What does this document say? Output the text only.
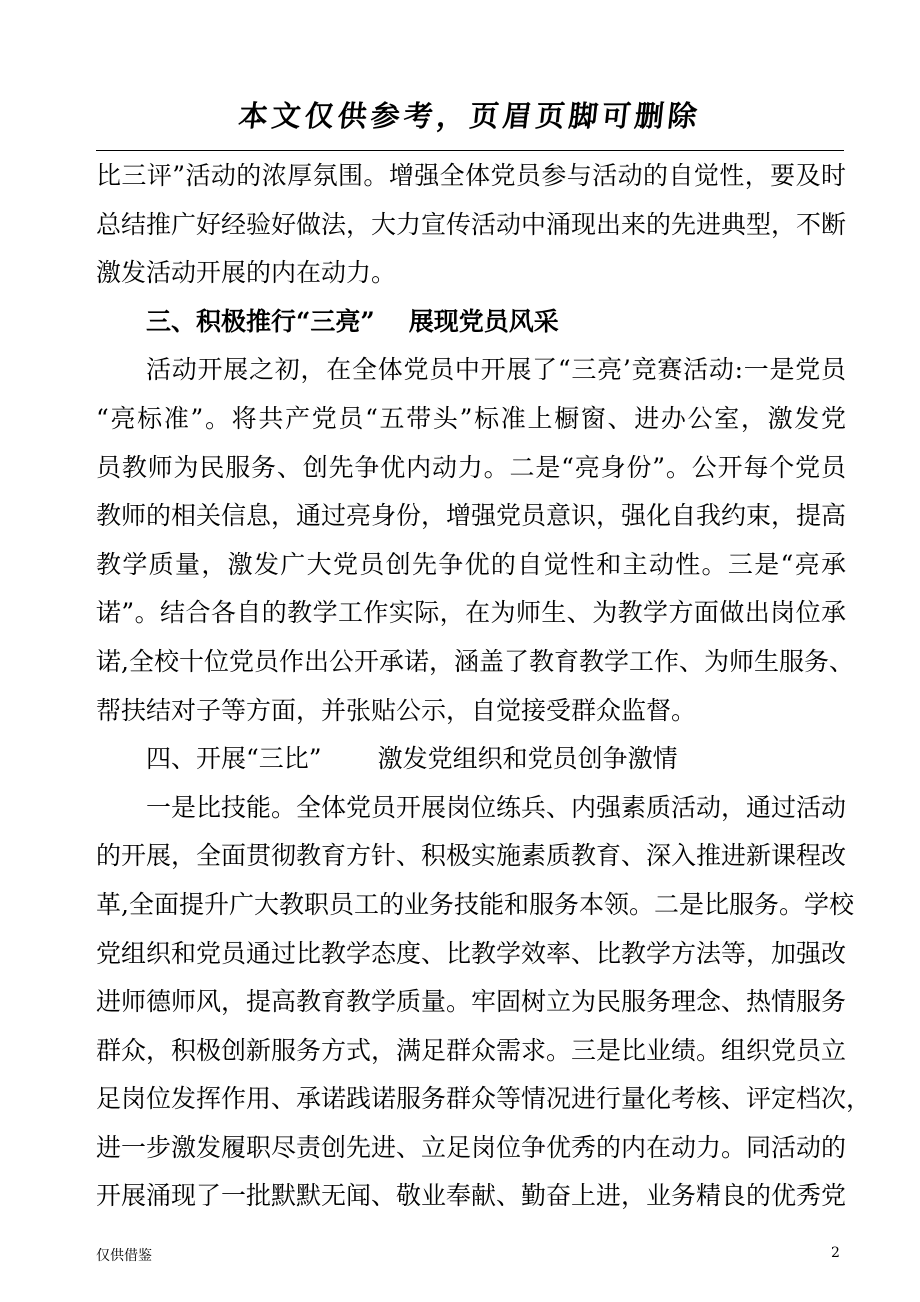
本文仅供参考，页眉页脚可删除
比三评”活动的浓厚氛围。增强全体党员参与活动的自觉性，要及时
总结推广好经验好做法，大力宣传活动中涌现出来的先进典型，不断
激发活动开展的内在动力。
三、积极推行“三亮” 展现党员风采
活动开展之初，在全体党员中开展了“三亮’竞赛活动:一是党员
“亮标准”。将共产党员“五带头”标准上橱窗、进办公室，激发党
员教师为民服务、创先争优内动力。二是“亮身份”。公开每个党员
教师的相关信息，通过亮身份，增强党员意识，强化自我约束，提高
教学质量，激发广大党员创先争优的自觉性和主动性。三是“亮承
诺”。结合各自的教学工作实际，在为师生、为教学方面做出岗位承
诺,全校十位党员作出公开承诺，涵盖了教育教学工作、为师生服务、
帮扶结对子等方面，并张贴公示，自觉接受群众监督。
四、开展“三比” 激发党组织和党员创争激情
一是比技能。全体党员开展岗位练兵、内强素质活动，通过活动
的开展，全面贯彻教育方针、积极实施素质教育、深入推进新课程改
革,全面提升广大教职员工的业务技能和服务本领。二是比服务。学校
党组织和党员通过比教学态度、比教学效率、比教学方法等，加强改
进师德师风，提高教育教学质量。牢固树立为民服务理念、热情服务
群众，积极创新服务方式，满足群众需求。三是比业绩。组织党员立
足岗位发挥作用、承诺践诺服务群众等情况进行量化考核、评定档次，
进一步激发履职尽责创先进、立足岗位争优秀的内在动力。同活动的
开展涌现了一批默默无闻、敬业奉献、勤奋上进，业务精良的优秀党
仅供借鉴	2
